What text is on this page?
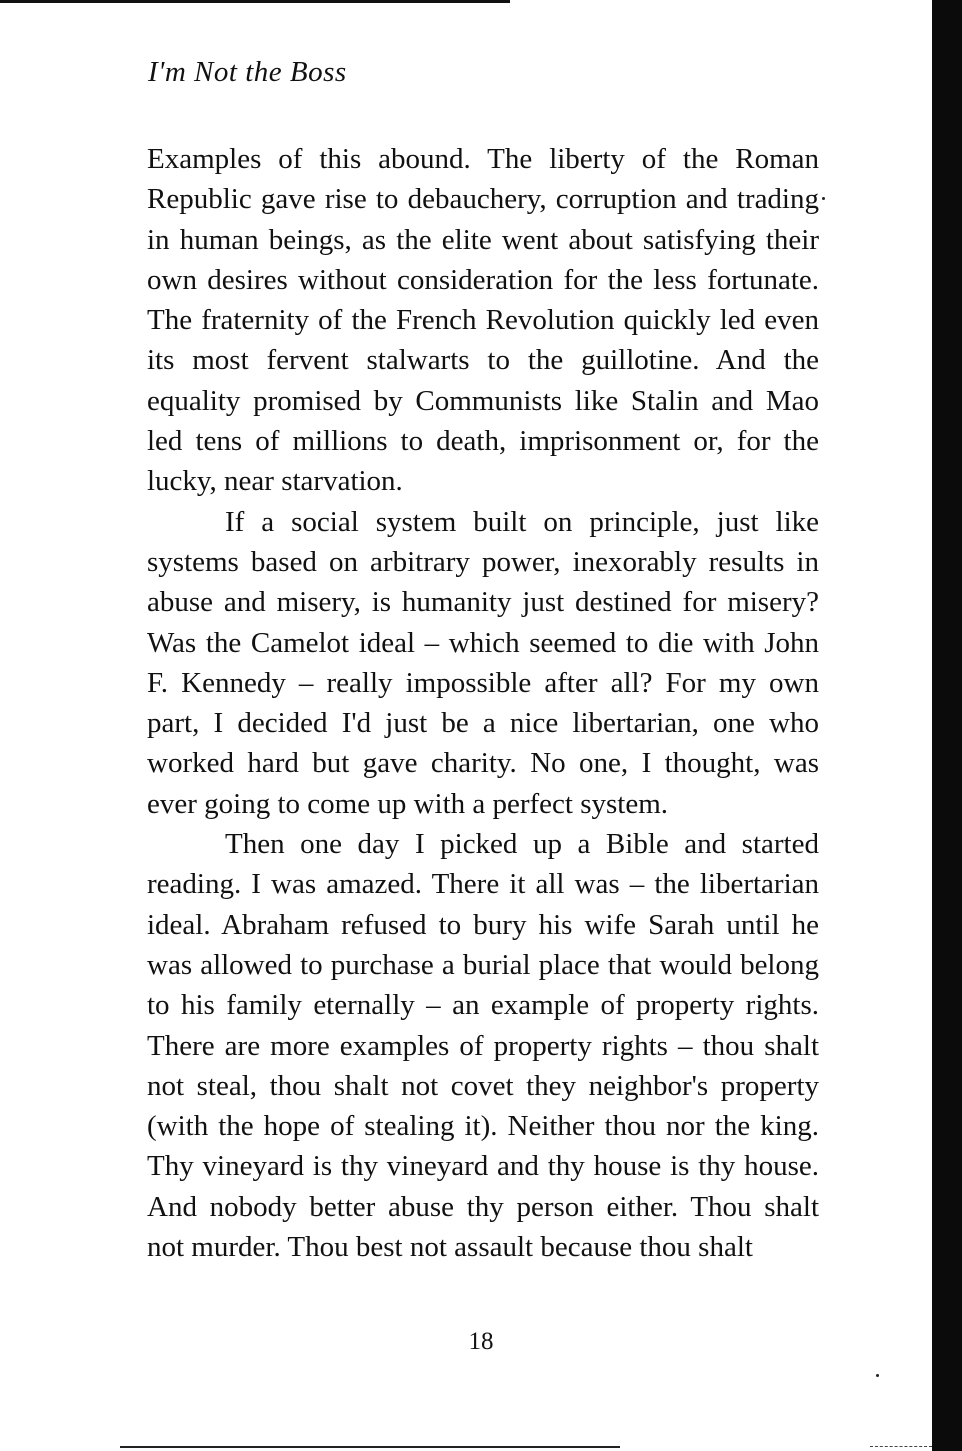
I'm Not the Boss
Examples of this abound. The liberty of the Roman
Republic gave rise to debauchery, corruption and trading
in human beings, as the elite went about satisfying their
own desires without consideration for the less fortunate.
The fraternity of the French Revolution quickly led even
its most fervent stalwarts to the guillotine. And the
equality promised by Communists like Stalin and Mao
led tens of millions to death, imprisonment or, for the
lucky, near starvation.
If a social system built on principle, just like
systems based on arbitrary power, inexorably results in
abuse and misery, is humanity just destined for misery?
Was the Camelot ideal – which seemed to die with John
F. Kennedy – really impossible after all? For my own
part, I decided I'd just be a nice libertarian, one who
worked hard but gave charity. No one, I thought, was
ever going to come up with a perfect system.
Then one day I picked up a Bible and started
reading. I was amazed. There it all was – the libertarian
ideal. Abraham refused to bury his wife Sarah until he
was allowed to purchase a burial place that would belong
to his family eternally – an example of property rights.
There are more examples of property rights – thou shalt
not steal, thou shalt not covet they neighbor's property
(with the hope of stealing it). Neither thou nor the king.
Thy vineyard is thy vineyard and thy house is thy house.
And nobody better abuse thy person either. Thou shalt
not murder. Thou best not assault because thou shalt
18
